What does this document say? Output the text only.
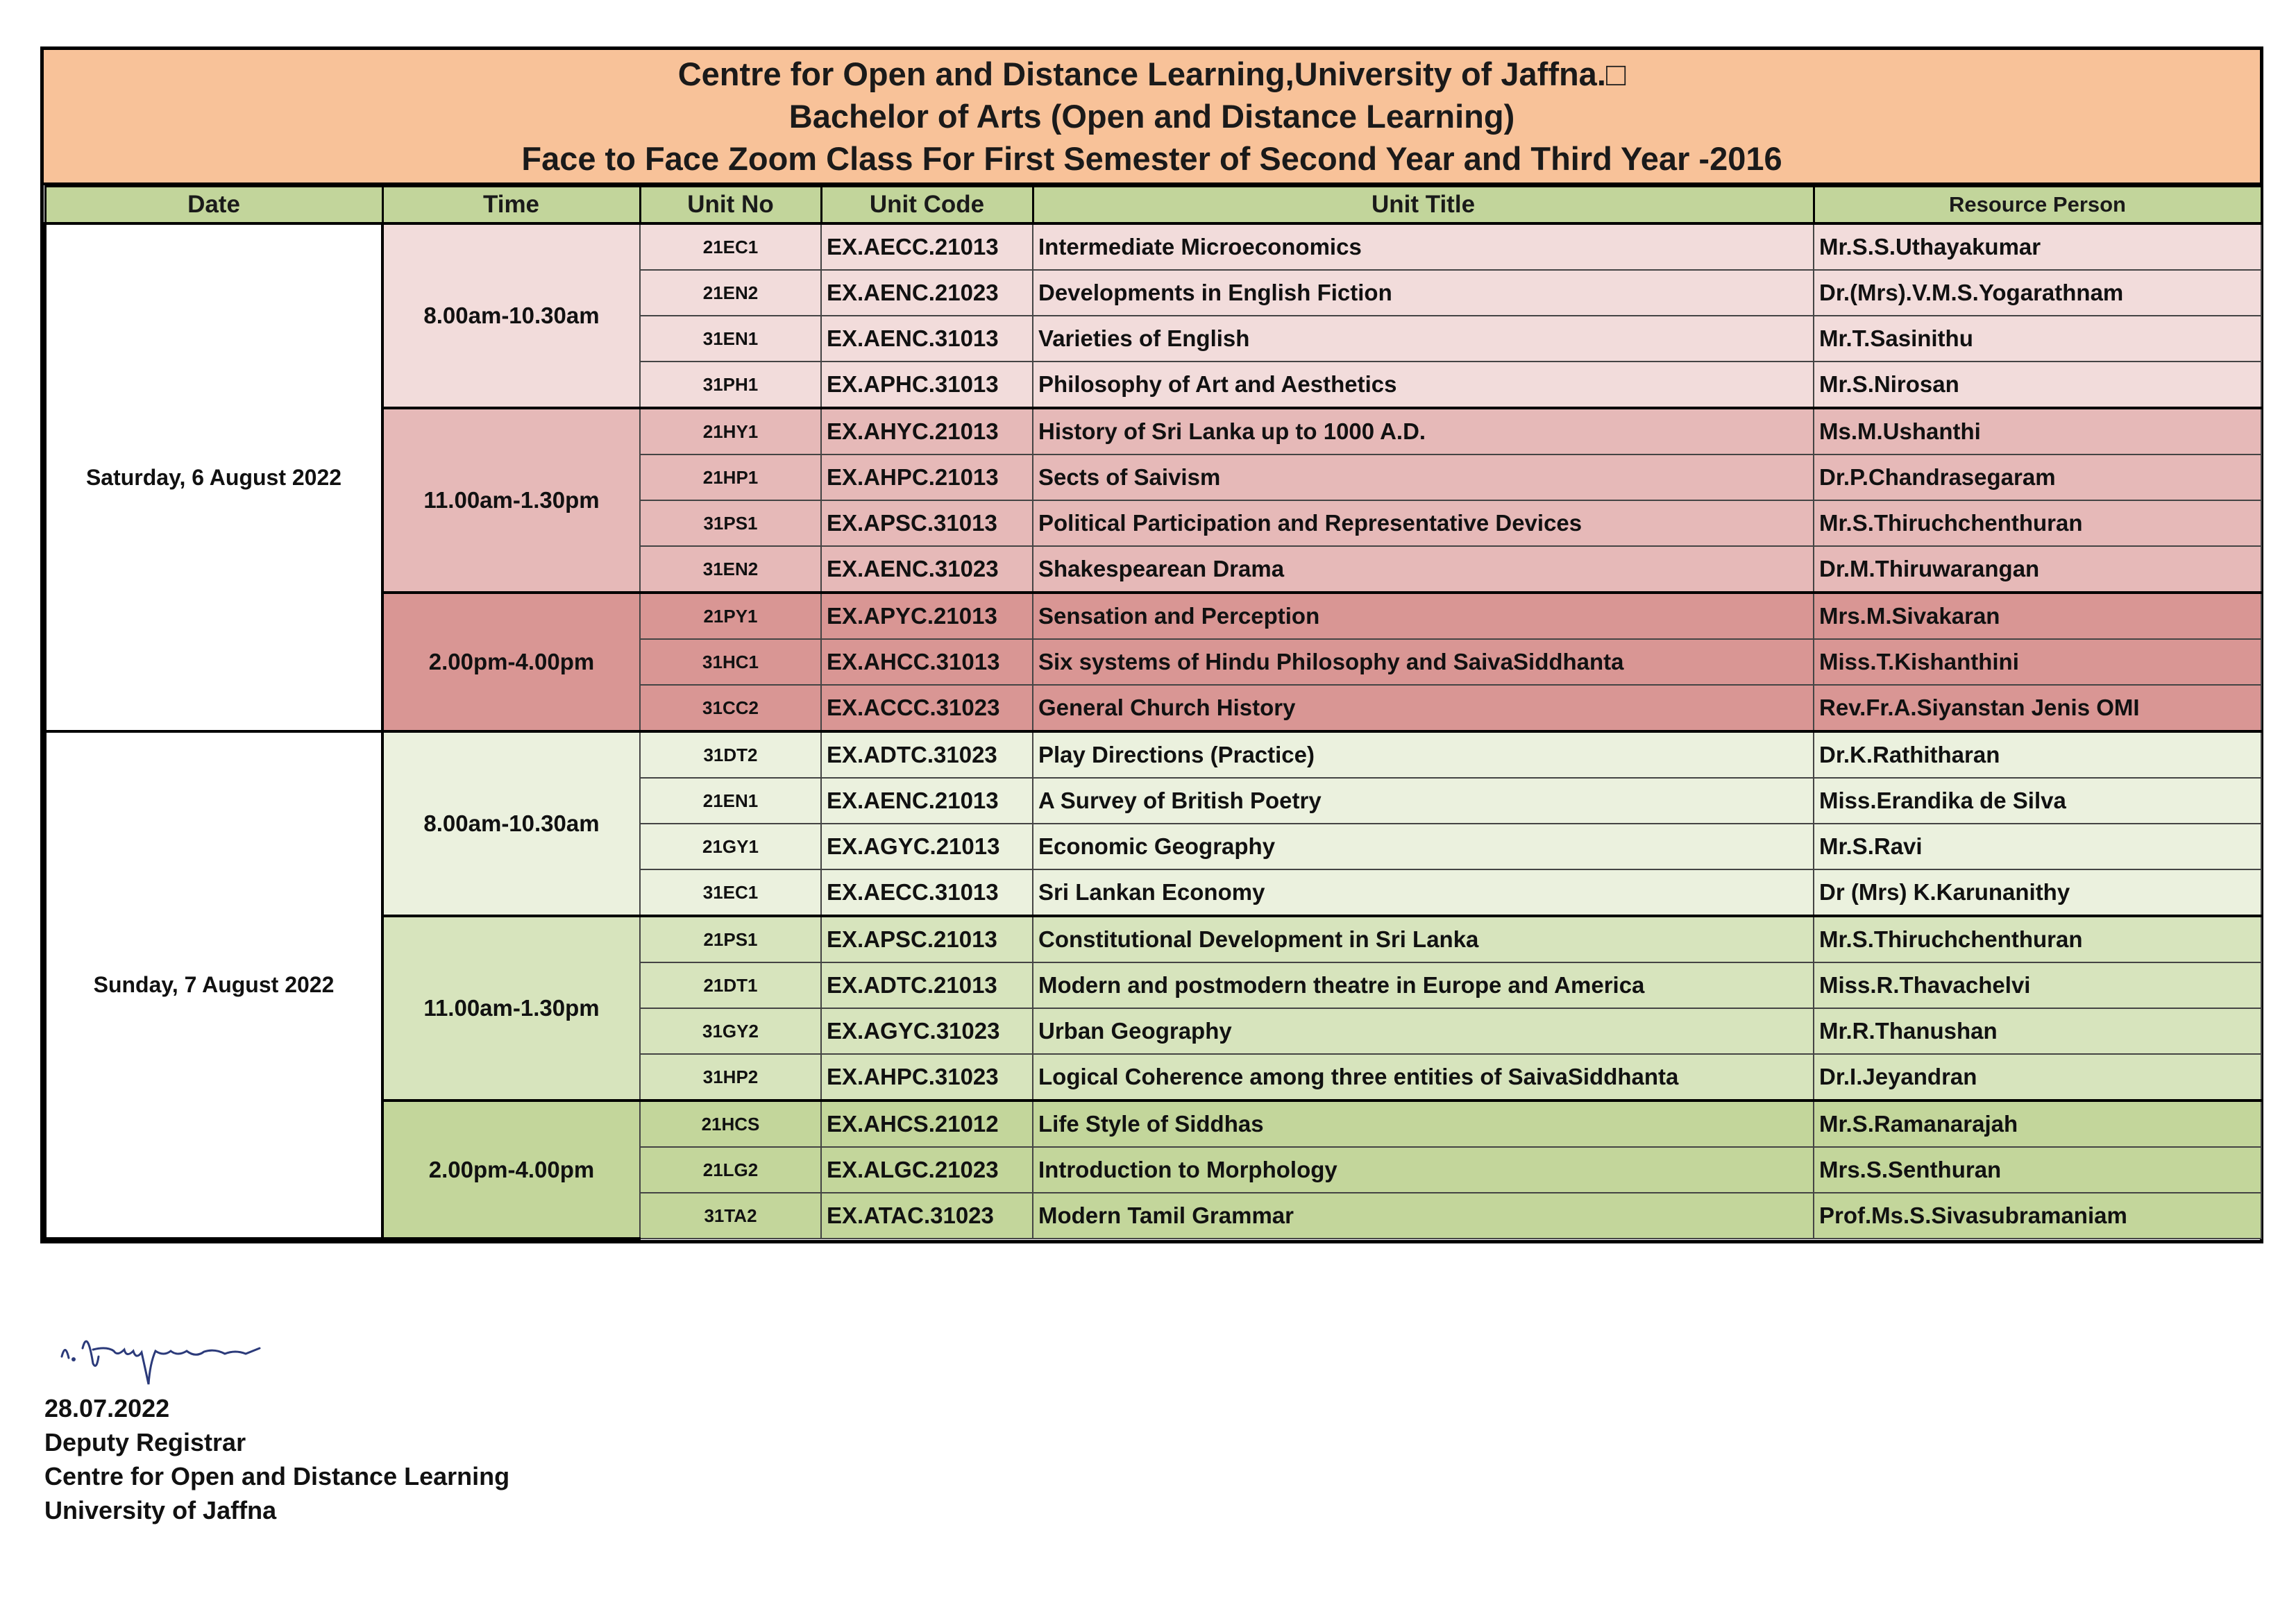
Centre for Open and Distance Learning,University of Jaffna.□
Bachelor of Arts (Open and Distance Learning)
Face to Face Zoom Class For First Semester of Second Year and Third Year -2016
Date	Time	Unit No	Unit Code	Unit Title	Resource Person
Saturday, 6 August 2022	8.00am-10.30am	21EC1	EX.AECC.21013	Intermediate Microeconomics	Mr.S.S.Uthayakumar
		21EN2	EX.AENC.21023	Developments in English Fiction	Dr.(Mrs).V.M.S.Yogarathnam
		31EN1	EX.AENC.31013	Varieties of English	Mr.T.Sasinithu
		31PH1	EX.APHC.31013	Philosophy of Art and Aesthetics	Mr.S.Nirosan
	11.00am-1.30pm	21HY1	EX.AHYC.21013	History of Sri Lanka up to 1000 A.D.	Ms.M.Ushanthi
		21HP1	EX.AHPC.21013	Sects of Saivism	Dr.P.Chandrasegaram
		31PS1	EX.APSC.31013	Political Participation and Representative Devices	Mr.S.Thiruchchenthuran
		31EN2	EX.AENC.31023	Shakespearean Drama	Dr.M.Thiruwarangan
	2.00pm-4.00pm	21PY1	EX.APYC.21013	Sensation and Perception	Mrs.M.Sivakaran
		31HC1	EX.AHCC.31013	Six systems of Hindu Philosophy and SaivaSiddhanta	Miss.T.Kishanthini
		31CC2	EX.ACCC.31023	General Church History	Rev.Fr.A.Siyanstan Jenis OMI
Sunday, 7 August 2022	8.00am-10.30am	31DT2	EX.ADTC.31023	Play Directions (Practice)	Dr.K.Rathitharan
		21EN1	EX.AENC.21013	A Survey of British Poetry	Miss.Erandika de Silva
		21GY1	EX.AGYC.21013	Economic Geography	Mr.S.Ravi
		31EC1	EX.AECC.31013	Sri Lankan Economy	Dr (Mrs) K.Karunanithy
	11.00am-1.30pm	21PS1	EX.APSC.21013	Constitutional Development in Sri Lanka	Mr.S.Thiruchchenthuran
		21DT1	EX.ADTC.21013	Modern and postmodern theatre in Europe and America	Miss.R.Thavachelvi
		31GY2	EX.AGYC.31023	Urban Geography	Mr.R.Thanushan
		31HP2	EX.AHPC.31023	Logical Coherence among three entities of SaivaSiddhanta	Dr.I.Jeyandran
	2.00pm-4.00pm	21HCS	EX.AHCS.21012	Life Style of Siddhas	Mr.S.Ramanarajah
		21LG2	EX.ALGC.21023	Introduction to Morphology	Mrs.S.Senthuran
		31TA2	EX.ATAC.31023	Modern Tamil Grammar	Prof.Ms.S.Sivasubramaniam
28.07.2022
Deputy Registrar
Centre for Open and Distance Learning
University of Jaffna
